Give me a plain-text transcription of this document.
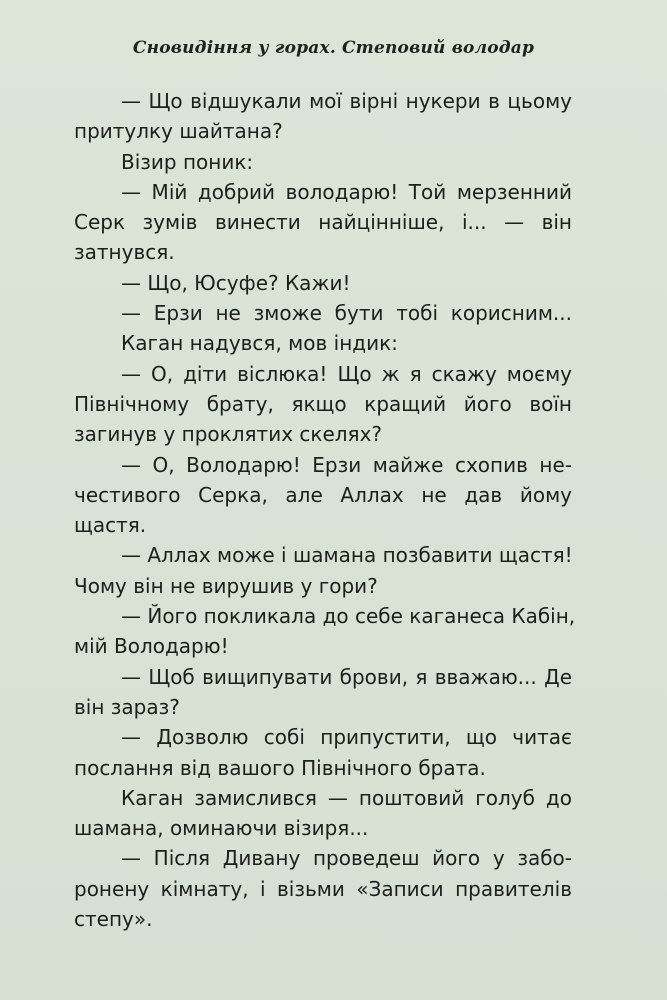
Сновидіння у горах. Степовий володар
— Що відшукали мої вірні нукери в цьому
притулку шайтана?
Візир поник:
— Мій добрий володарю! Той мерзенний
Серк зумів винести найцінніше, і... — він
затнувся.
— Що, Юсуфе? Кажи!
— Ерзи не зможе бути тобі корисним...
Каган надувся, мов індик:
— О, діти віслюка! Що ж я скажу моєму
Північному брату, якщо кращий його воїн
загинув у проклятих скелях?
— О, Володарю! Ерзи майже схопив не-
честивого Серка, але Аллах не дав йому
щастя.
— Аллах може і шамана позбавити щастя!
Чому він не вирушив у гори?
— Його покликала до себе каганеса Кабін,
мій Володарю!
— Щоб вищипувати брови, я вважаю... Де
він зараз?
— Дозволю собі припустити, що читає
послання від вашого Північного брата.
Каган замислився — поштовий голуб до
шамана, оминаючи візиря...
— Після Дивану проведеш його у забо-
ронену кімнату, і візьми «Записи правителів
степу».
